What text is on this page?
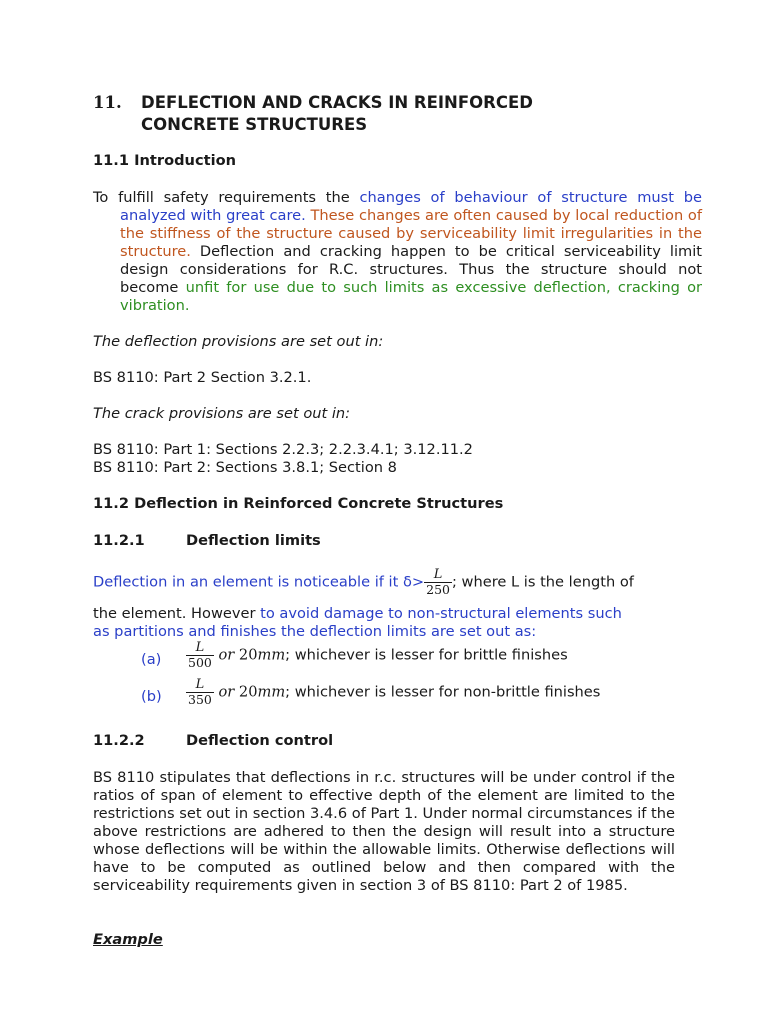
11. DEFLECTION AND CRACKS IN REINFORCED
CONCRETE STRUCTURES
11.1 Introduction
To fulfill safety requirements the changes of behaviour of structure must be analyzed with great care. These changes are often caused by local reduction of the stiffness of the structure caused by serviceability limit irregularities in the structure. Deflection and cracking happen to be critical serviceability limit design considerations for R.C. structures. Thus the structure should not become unfit for use due to such limits as excessive deflection, cracking or vibration.
The deflection provisions are set out in:
BS 8110: Part 2 Section 3.2.1.
The crack provisions are set out in:
BS 8110: Part 1: Sections 2.2.3; 2.2.3.4.1; 3.12.11.2
BS 8110: Part 2: Sections 3.8.1; Section 8
11.2 Deflection in Reinforced Concrete Structures
11.2.1	Deflection limits
Deflection in an element is noticeable if it $\delta> \frac{L}{250}$ ; where L is the length of
the element. However to avoid damage to non-structural elements such
as partitions and finishes the deflection limits are set out as:
$(a) \frac{L}{500}$ or 20mm; whichever is lesser for brittle finishes
$(b) \frac{L}{350}$ or 20mm; whichever is lesser for non-brittle finishes
11.2.2	Deflection control
BS 8110 stipulates that deflections in r.c. structures will be under control if the ratios of span of element to effective depth of the element are limited to the restrictions set out in section 3.4.6 of Part 1. Under normal circumstances if the above restrictions are adhered to then the design will result into a structure whose deflections will be within the allowable limits. Otherwise deflections will have to be computed as outlined below and then compared with the serviceability requirements given in section 3 of BS 8110: Part 2 of 1985.
Example
